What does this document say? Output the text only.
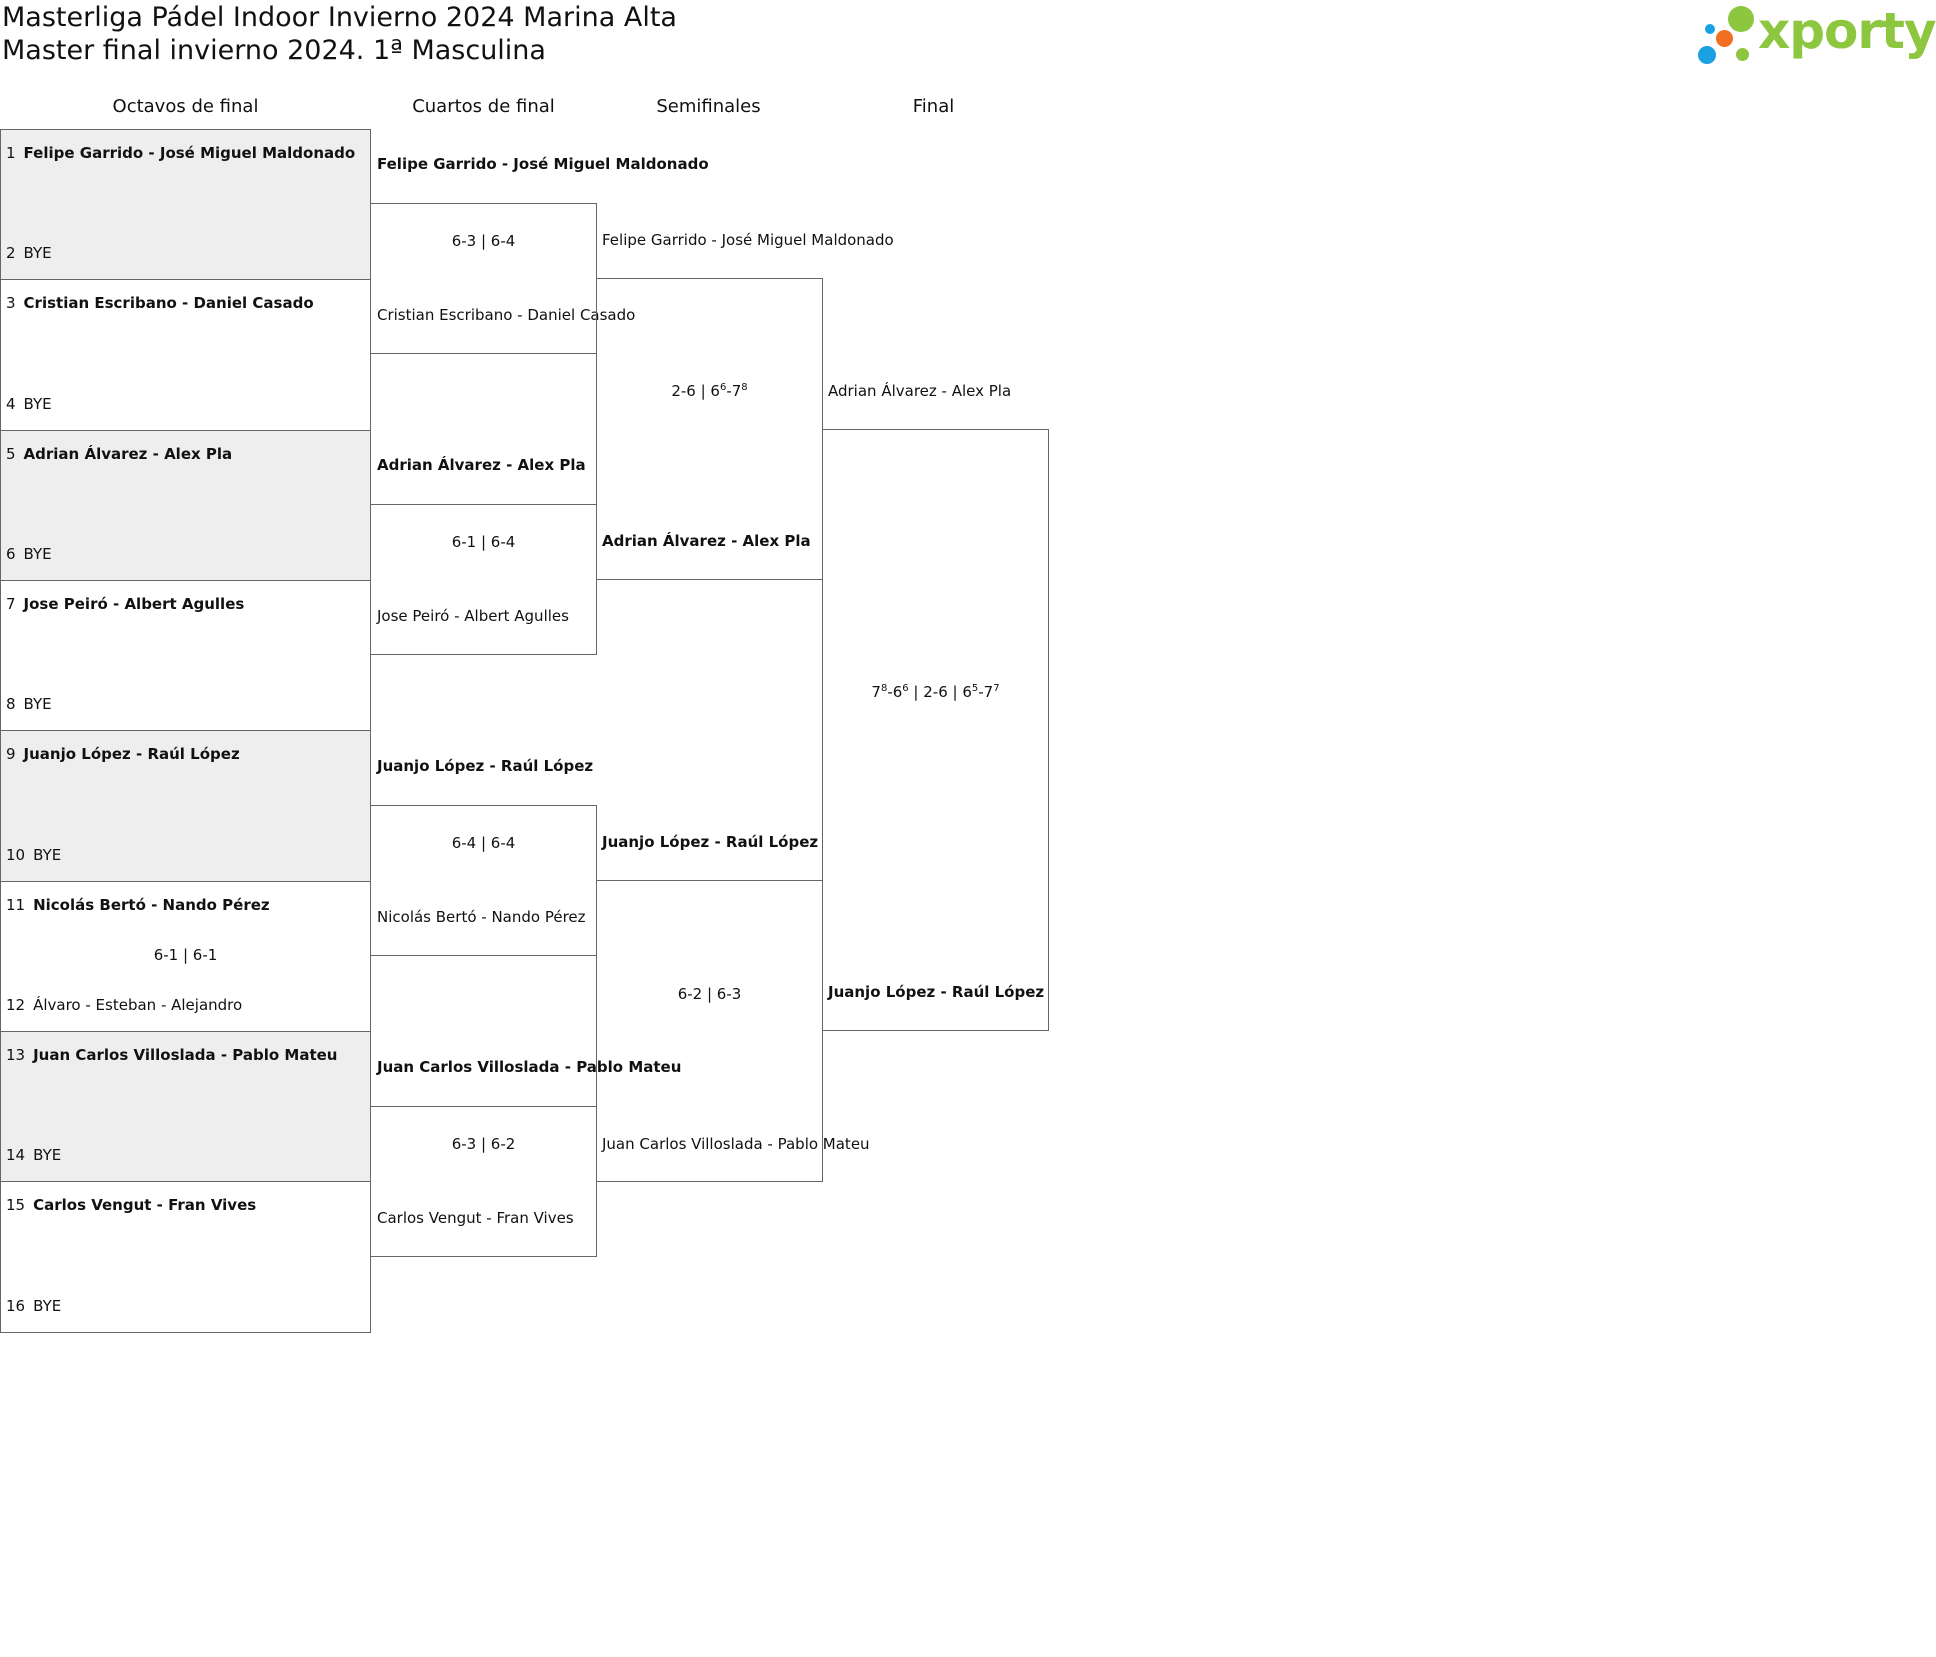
Masterliga Pádel Indoor Invierno 2024 Marina Alta
Master final invierno 2024. 1ª Masculina	xporty
Octavos de final	Cuartos de final	Semifinales	Final
1 Felipe Garrido - José Miguel Maldonado
2 BYE
3 Cristian Escribano - Daniel Casado
4 BYE
5 Adrian Álvarez - Alex Pla
6 BYE
7 Jose Peiró - Albert Agulles
8 BYE
9 Juanjo López - Raúl López
10 BYE
11 Nicolás Bertó - Nando Pérez
6-1 | 6-1
12 Álvaro - Esteban - Alejandro
13 Juan Carlos Villoslada - Pablo Mateu
14 BYE
15 Carlos Vengut - Fran Vives
16 BYE
Felipe Garrido - José Miguel Maldonado
6-3 | 6-4
Cristian Escribano - Daniel Casado
Adrian Álvarez - Alex Pla
6-1 | 6-4
Jose Peiró - Albert Agulles
Juanjo López - Raúl López
6-4 | 6-4
Nicolás Bertó - Nando Pérez
Juan Carlos Villoslada - Pablo Mateu
6-3 | 6-2
Carlos Vengut - Fran Vives
Felipe Garrido - José Miguel Maldonado
2-6 | $6^6-7^8$
Adrian Álvarez - Alex Pla
Juanjo López - Raúl López
6-2 | 6-3
Juan Carlos Villoslada - Pablo Mateu
Adrian Álvarez - Alex Pla
$7^8-6^6$ | 2-6 | $6^5-7^7$
Juanjo López - Raúl López
